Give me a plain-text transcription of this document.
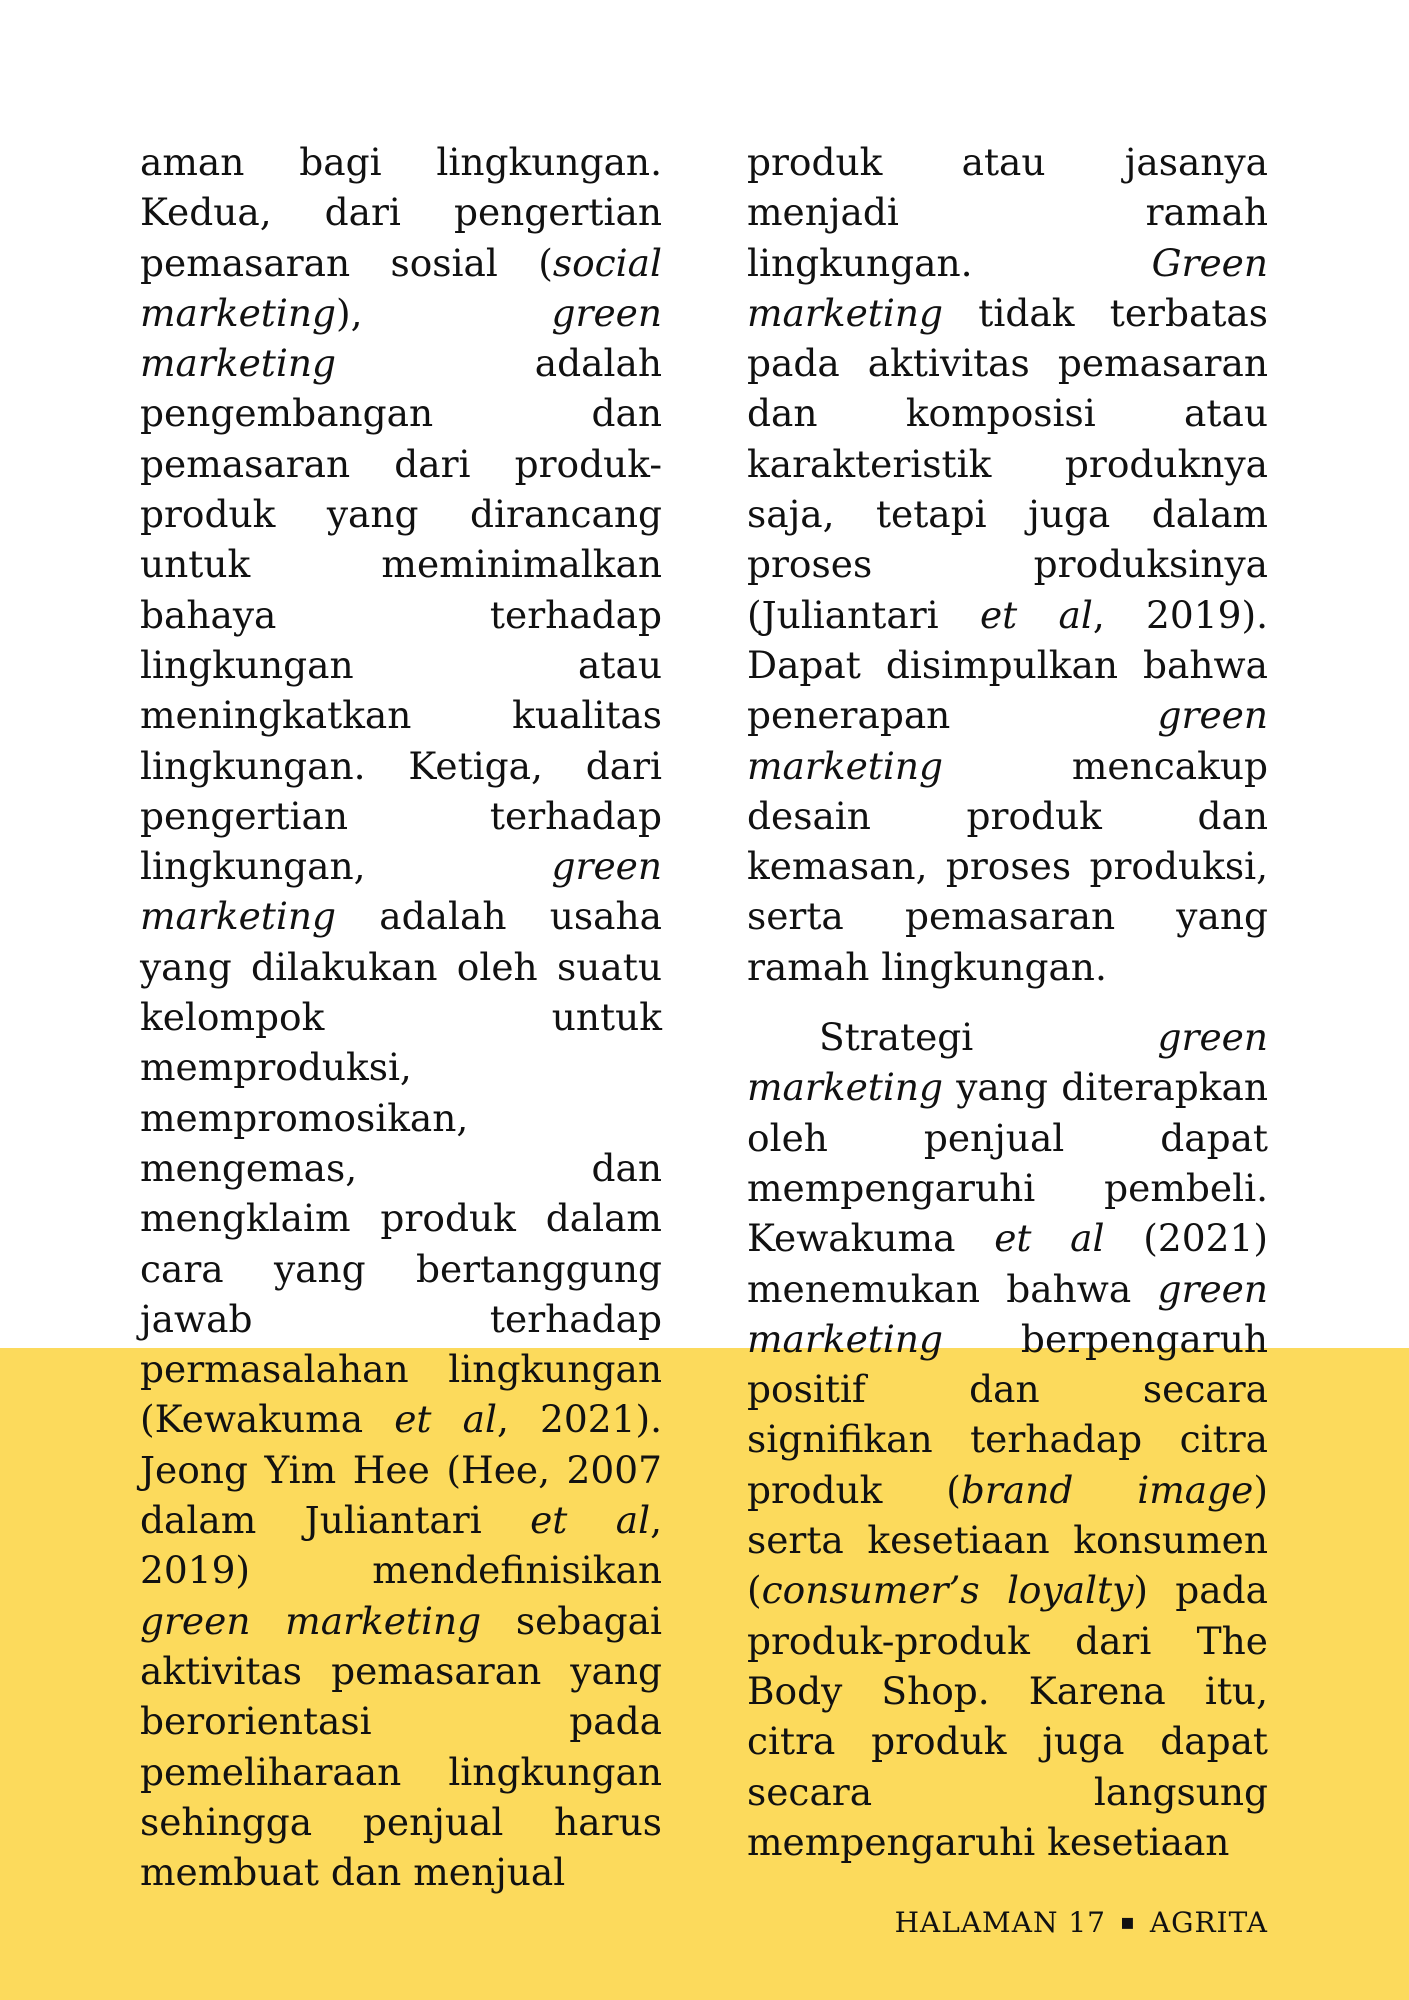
aman bagi lingkungan. Kedua, dari pengertian pemasaran sosial (social marketing), green marketing adalah pengembangan dan pemasaran dari produk-produk yang dirancang untuk meminimalkan bahaya terhadap lingkungan atau meningkatkan kualitas lingkungan. Ketiga, dari pengertian terhadap lingkungan, green marketing adalah usaha yang dilakukan oleh suatu kelompok untuk memproduksi, mempromosikan, mengemas, dan mengklaim produk dalam cara yang bertanggung jawab terhadap permasalahan lingkungan (Kewakuma et al, 2021). Jeong Yim Hee (Hee, 2007 dalam Juliantari et al, 2019) mendefinisikan green marketing sebagai aktivitas pemasaran yang berorientasi pada pemeliharaan lingkungan sehingga penjual harus membuat dan menjual

produk atau jasanya menjadi ramah lingkungan. Green marketing tidak terbatas pada aktivitas pemasaran dan komposisi atau karakteristik produknya saja, tetapi juga dalam proses produksinya (Juliantari et al, 2019). Dapat disimpulkan bahwa penerapan green marketing mencakup desain produk dan kemasan, proses produksi, serta pemasaran yang ramah lingkungan.

Strategi green marketing yang diterapkan oleh penjual dapat mempengaruhi pembeli. Kewakuma et al (2021) menemukan bahwa green marketing berpengaruh positif dan secara signifikan terhadap citra produk (brand image) serta kesetiaan konsumen (consumer’s loyalty) pada produk-produk dari The Body Shop. Karena itu, citra produk juga dapat secara langsung mempengaruhi kesetiaan

HALAMAN 17 ▪ AGRITA
